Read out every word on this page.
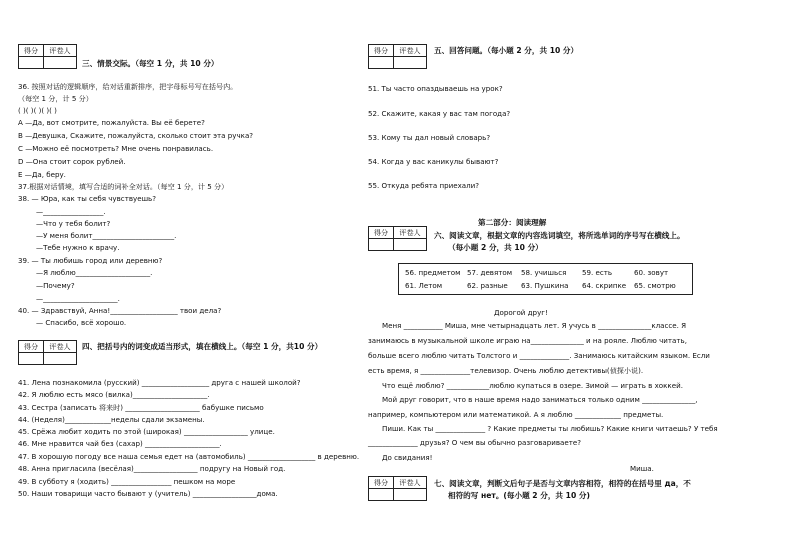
得分	评卷人

三、情景交际。（每空 1 分，共 10 分）
36. 按照对话的逻辑顺序，给对话重新排序，把字母标号写在括号内。
（每空 1 分，计 5 分）
( )( )( )( )( )
A —Да, вот смотрите, пожалуйста. Вы её берете?
B —Девушка, Скажите, пожалуйста, сколько стоит эта ручка?
C —Можно её посмотреть? Мне очень понравилась.
D —Она стоит сорок рублей.
E —Да, беру.
37.根据对话情境，填写合适的词补全对话。（每空 1 分，计 5 分）
38. — Юра, как ты себя чувствуешь?
—_________________.
—Что у тебя болит?
—У меня болит_______________________.
—Тебе нужно к врачу.
39. — Ты любишь город или деревню?
—Я люблю_____________________.
—Почему?
—_____________________.
40. — Здравствуй, Анна!___________________ твои дела?
— Спасибо, всё хорошо.
得分	评卷人
	四、把括号内的词变成适当形式，填在横线上。（每空 1 分，共10 分）
41. Лена познакомила (русский) ___________________ друга с нашей школой?
42. Я люблю есть мясо (вилка)_____________________.
43. Сестра (записать 将来时) _____________________ бабушке письмо
44. (Неделя)_____________неделы сдали экзамены.
45. Срёжа любит ходить по этой (широкая) __________________ улице.
46. Мне нравится чай без (сахар) _____________________.
47. В хорошую погоду все наша семья едет на (автомобиль) ___________________ в деревню.
48. Анна пригласила (весёлая)__________________ подругу на Новый год.
49. В субботу я (ходить) _________________ пешком на море
50. Наши товарищи часто бывают у (учитель) __________________дома.
得分	评卷人
	五、回答问题。（每小题 2 分，共 10 分）
51. Ты часто опаздываешь на урок?
52. Скажите, какая у вас там погода?
53. Кому ты дал новый словарь?
54. Когда у вас каникулы бывают?
55. Откуда ребята приехали?
第二部分：阅读理解
得分	评卷人
	六、阅读文章，根据文章的内容选词填空，将所选单词的序号写在横线上。
（每小题 2 分，共 10 分）
56. предметом 57. девятом 58. учишься 59. есть	60. зовут
61. Летом	62. разные 63. Пушкина 64. скрипке 65. смотрю
Дорогой друг!
Меня ___________ Миша, мне четырнадцать лет. Я учусь в _______________классе. Я
занимаюсь в музыкальной школе играю на_______________ и на рояле. Люблю читать,
больше всего люблю читать Толстого и ______________. Занимаюсь китайским языком. Если
есть время, я ______________телевизор. Очень люблю детективы(侦探小说).
Что ещё люблю? ____________люблю купаться в озере. Зимой — играть в хоккей.
Мой друг говорит, что в наше время надо заниматься только одним _______________,
например, компьютером или математикой. А я люблю _____________ предметы.
Пиши. Как ты ______________ ? Какие предметы ты любишь? Какие книги читаешь? У тебя
______________ друзья? О чем вы обычно разговариваете?
До свидания!
Миша.
得分	评卷人
	七、阅读文章，判断文后句子是否与文章内容相符，相符的在括号里 да，不
相符的写 нет。(每小题 2 分，共 10 分)
